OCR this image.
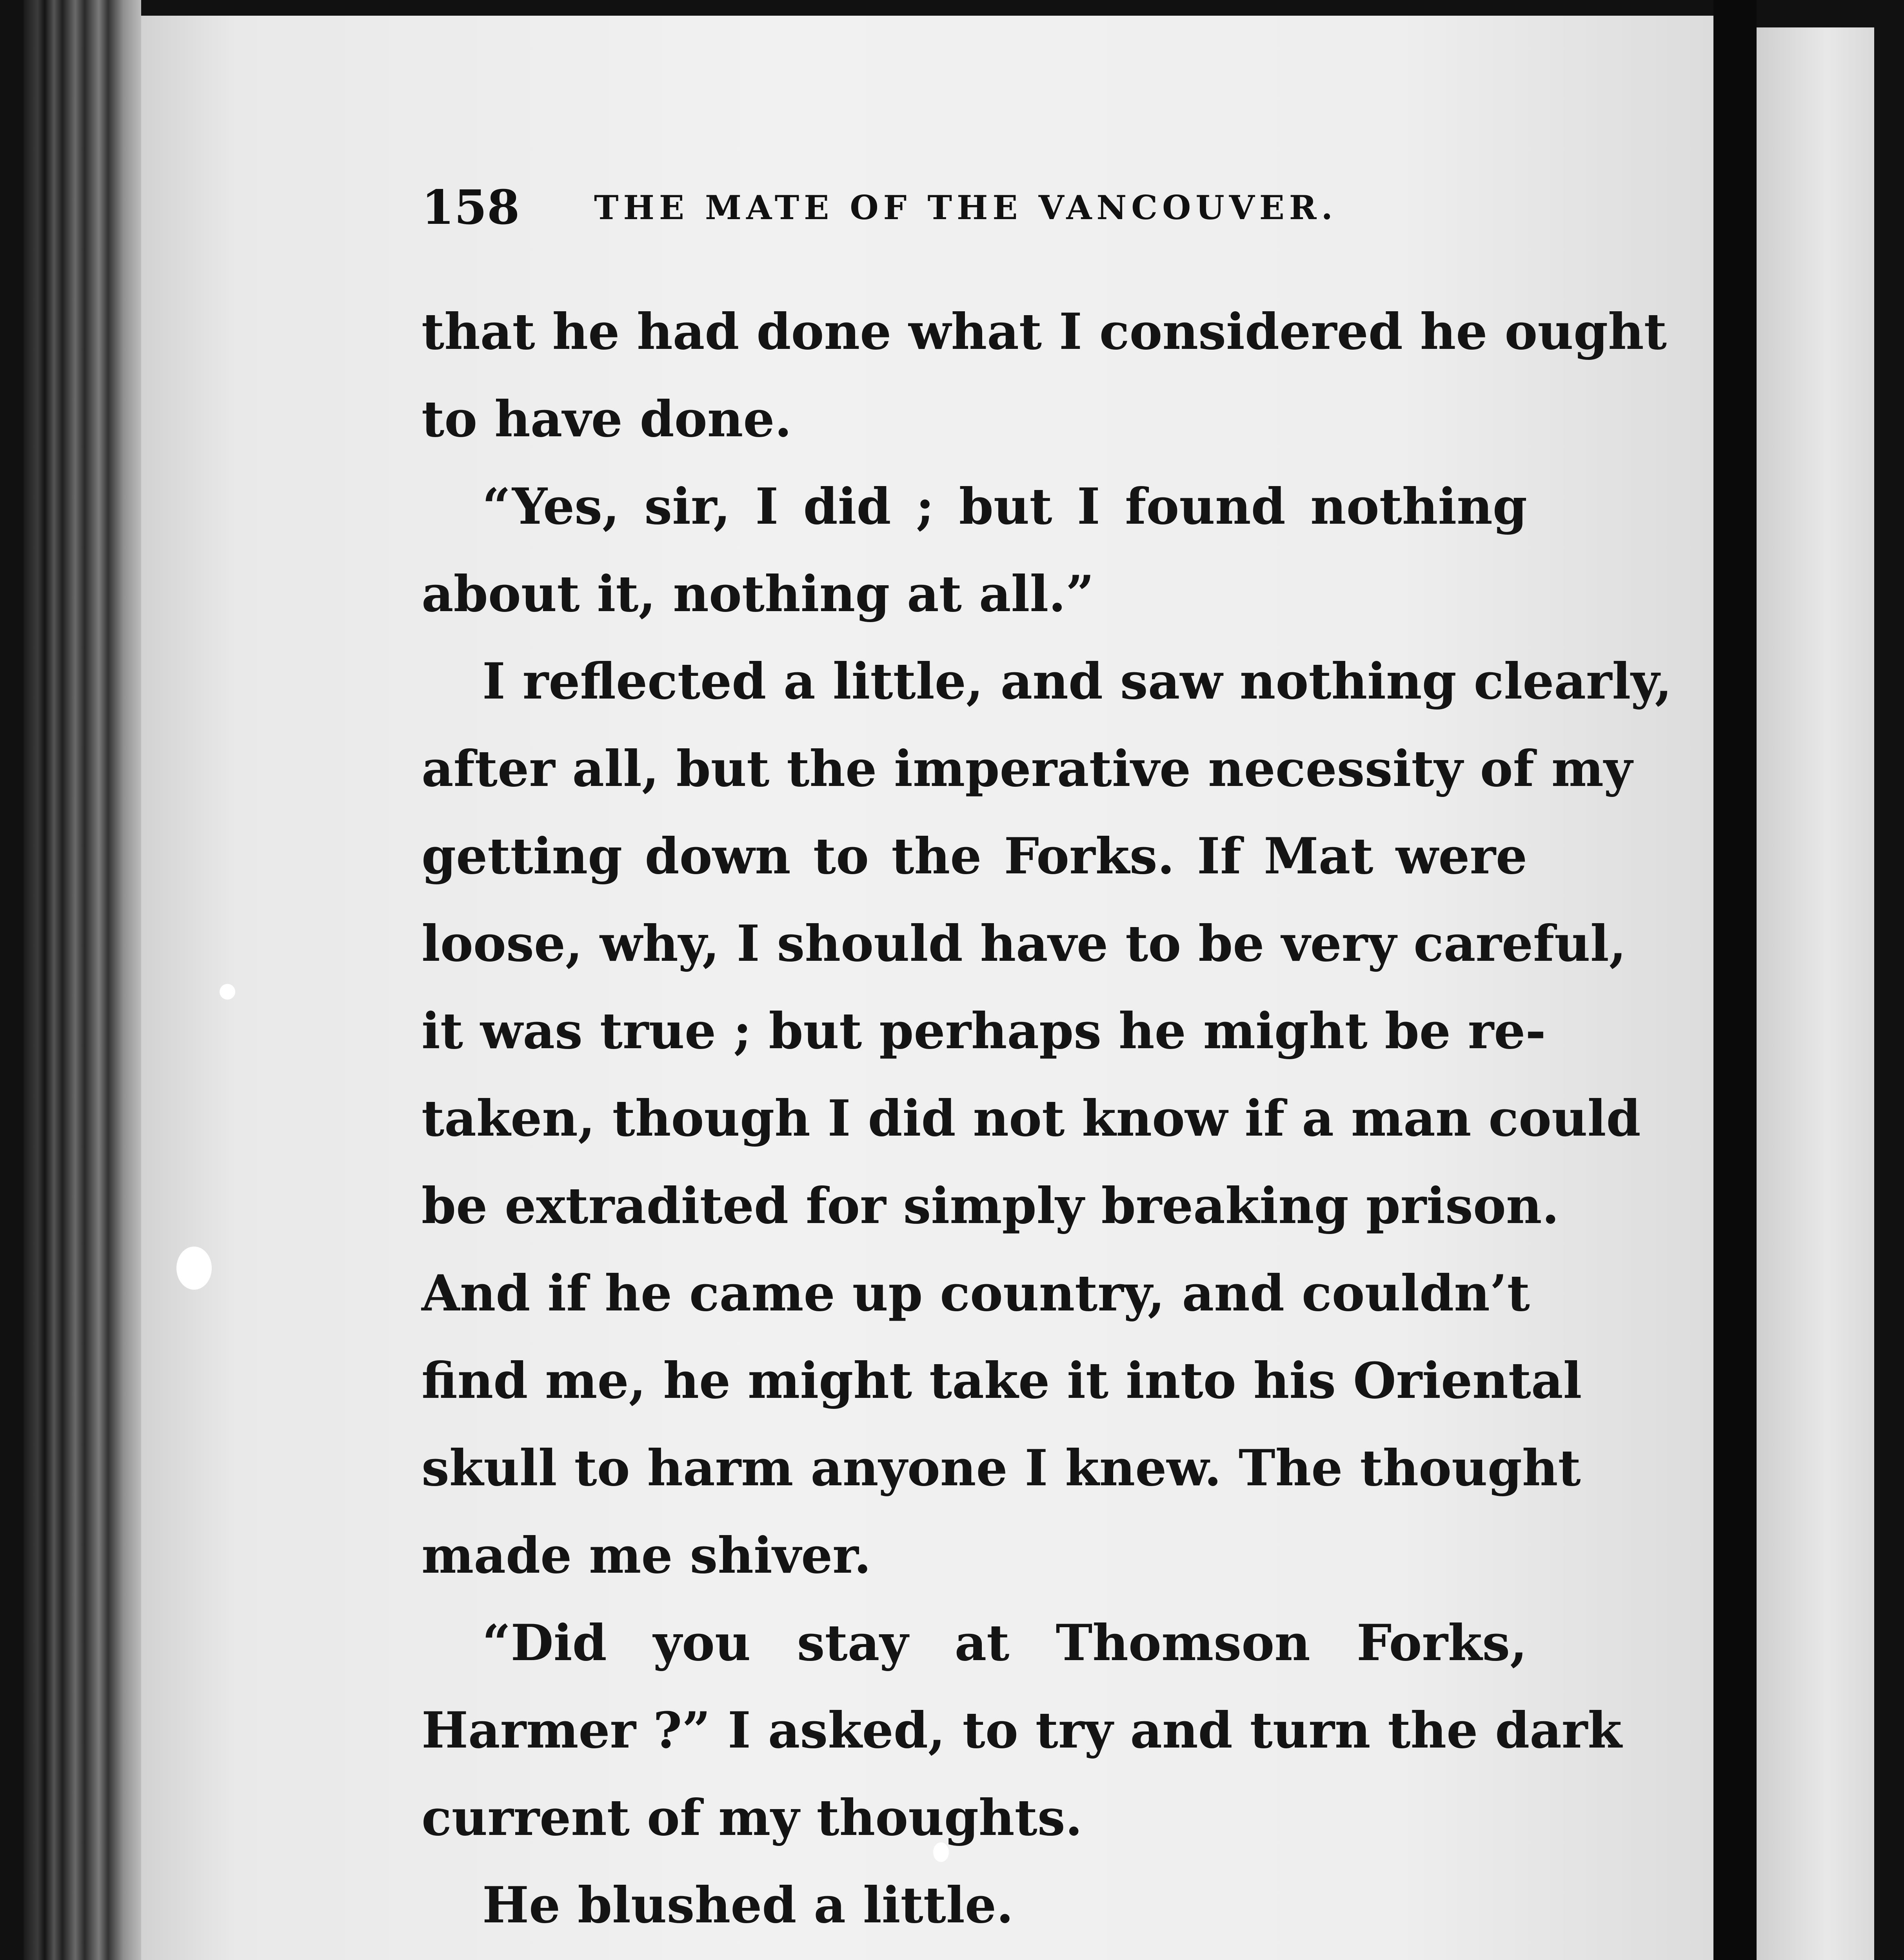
158 THE MATE OF THE VANCOUVER.
that he had done what I considered he ought
to have done.
“Yes, sir, I did ; but I found nothing
about it, nothing at all.”
I reflected a little, and saw nothing clearly,
after all, but the imperative necessity of my
getting down to the Forks. If Mat were
loose, why, I should have to be very careful,
it was true ; but perhaps he might be re-
taken, though I did not know if a man could
be extradited for simply breaking prison.
And if he came up country, and couldn’t
find me, he might take it into his Oriental
skull to harm anyone I knew. The thought
made me shiver.
“Did you stay at Thomson Forks,
Harmer ?” I asked, to try and turn the dark
current of my thoughts.
He blushed a little.
